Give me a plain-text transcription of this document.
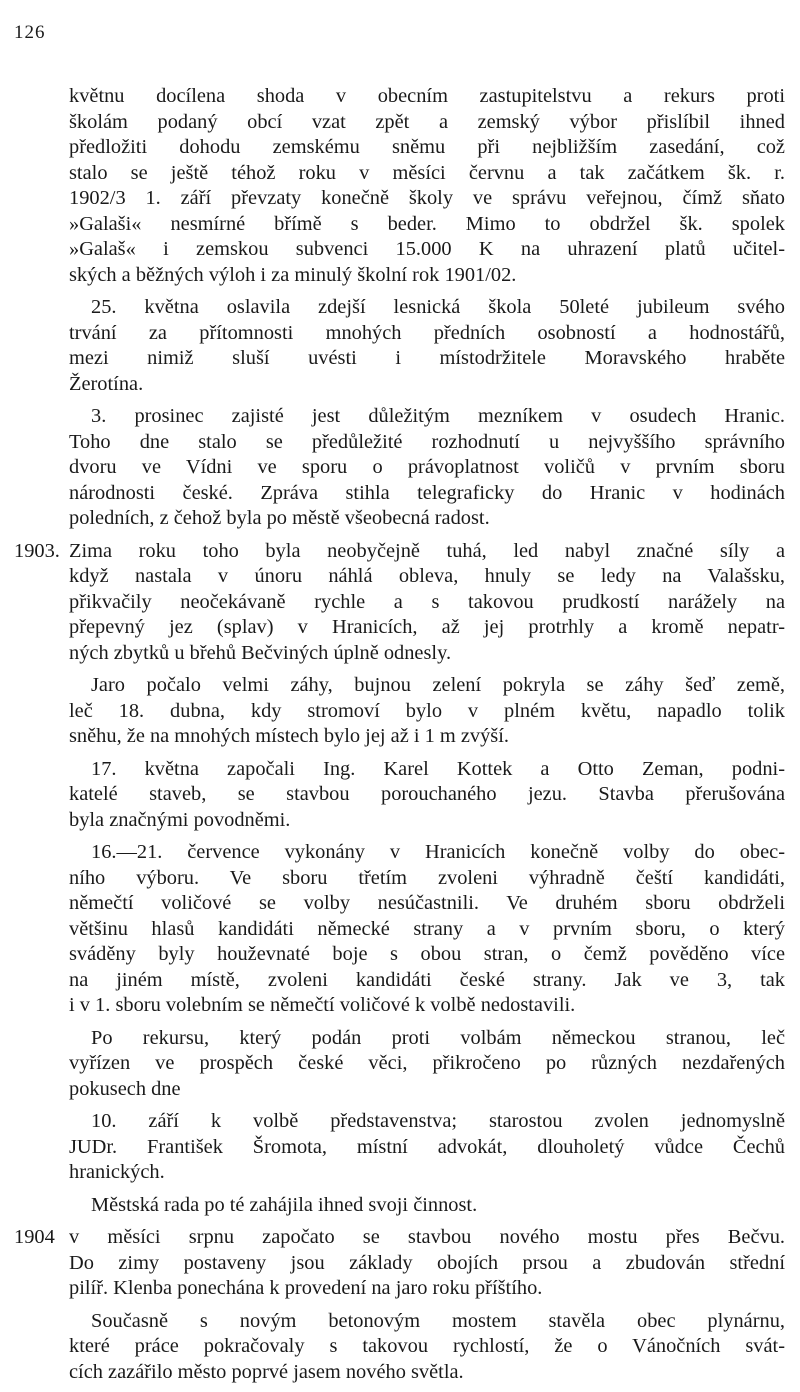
126
květnu docílena shoda v obecním zastupitelstvu a rekurs proti
školám podaný obcí vzat zpět a zemský výbor přislíbil ihned
předložiti dohodu zemskému sněmu při nejbližším zasedání, což
stalo se ještě téhož roku v měsíci červnu a tak začátkem šk. r.
1902/3 1. září převzaty konečně školy ve správu veřejnou, čímž sňato
»Galaši« nesmírné břímě s beder. Mimo to obdržel šk. spolek
»Galaš« i zemskou subvenci 15.000 K na uhrazení platů učitel-
ských a běžných výloh i za minulý školní rok 1901/02.
25. května oslavila zdejší lesnická škola 50leté jubileum svého
trvání za přítomnosti mnohých předních osobností a hodnostářů,
mezi nimiž sluší uvésti i místodržitele Moravského hraběte
Žerotína.
3. prosinec zajisté jest důležitým mezníkem v osudech Hranic.
Toho dne stalo se předůležité rozhodnutí u nejvyššího správního
dvoru ve Vídni ve sporu o právoplatnost voličů v prvním sboru
národnosti české. Zpráva stihla telegraficky do Hranic v hodinách
poledních, z čehož byla po městě všeobecná radost.
1903. Zima roku toho byla neobyčejně tuhá, led nabyl značné síly a
když nastala v únoru náhlá obleva, hnuly se ledy na Valašsku,
přikvačily neočekávaně rychle a s takovou prudkostí narážely na
přepevný jez (splav) v Hranicích, až jej protrhly a kromě nepatr-
ných zbytků u břehů Bečviných úplně odnesly.
Jaro počalo velmi záhy, bujnou zelení pokryla se záhy šeď země,
leč 18. dubna, kdy stromoví bylo v plném květu, napadlo tolik
sněhu, že na mnohých místech bylo jej až i 1 m zvýší.
17. května započali Ing. Karel Kottek a Otto Zeman, podni-
katelé staveb, se stavbou porouchaného jezu. Stavba přerušována
byla značnými povodněmi.
16.—21. července vykonány v Hranicích konečně volby do obec-
ního výboru. Ve sboru třetím zvoleni výhradně čeští kandidáti,
němečtí voličové se volby nesúčastnili. Ve druhém sboru obdrželi
většinu hlasů kandidáti německé strany a v prvním sboru, o který
sváděny byly houževnaté boje s obou stran, o čemž pověděno více
na jiném místě, zvoleni kandidáti české strany. Jak ve 3, tak
i v 1. sboru volebním se němečtí voličové k volbě nedostavili.
Po rekursu, který podán proti volbám německou stranou, leč
vyřízen ve prospěch české věci, přikročeno po různých nezdařených
pokusech dne
10. září k volbě představenstva; starostou zvolen jednomyslně
JUDr. František Šromota, místní advokát, dlouholetý vůdce Čechů
hranických.
Městská rada po té zahájila ihned svoji činnost.
1904 v měsíci srpnu započato se stavbou nového mostu přes Bečvu.
Do zimy postaveny jsou základy obojích prsou a zbudován střední
pilíř. Klenba ponechána k provedení na jaro roku příštího.
Současně s novým betonovým mostem stavěla obec plynárnu,
které práce pokračovaly s takovou rychlostí, že o Vánočních svát-
cích zazářilo město poprvé jasem nového světla.
